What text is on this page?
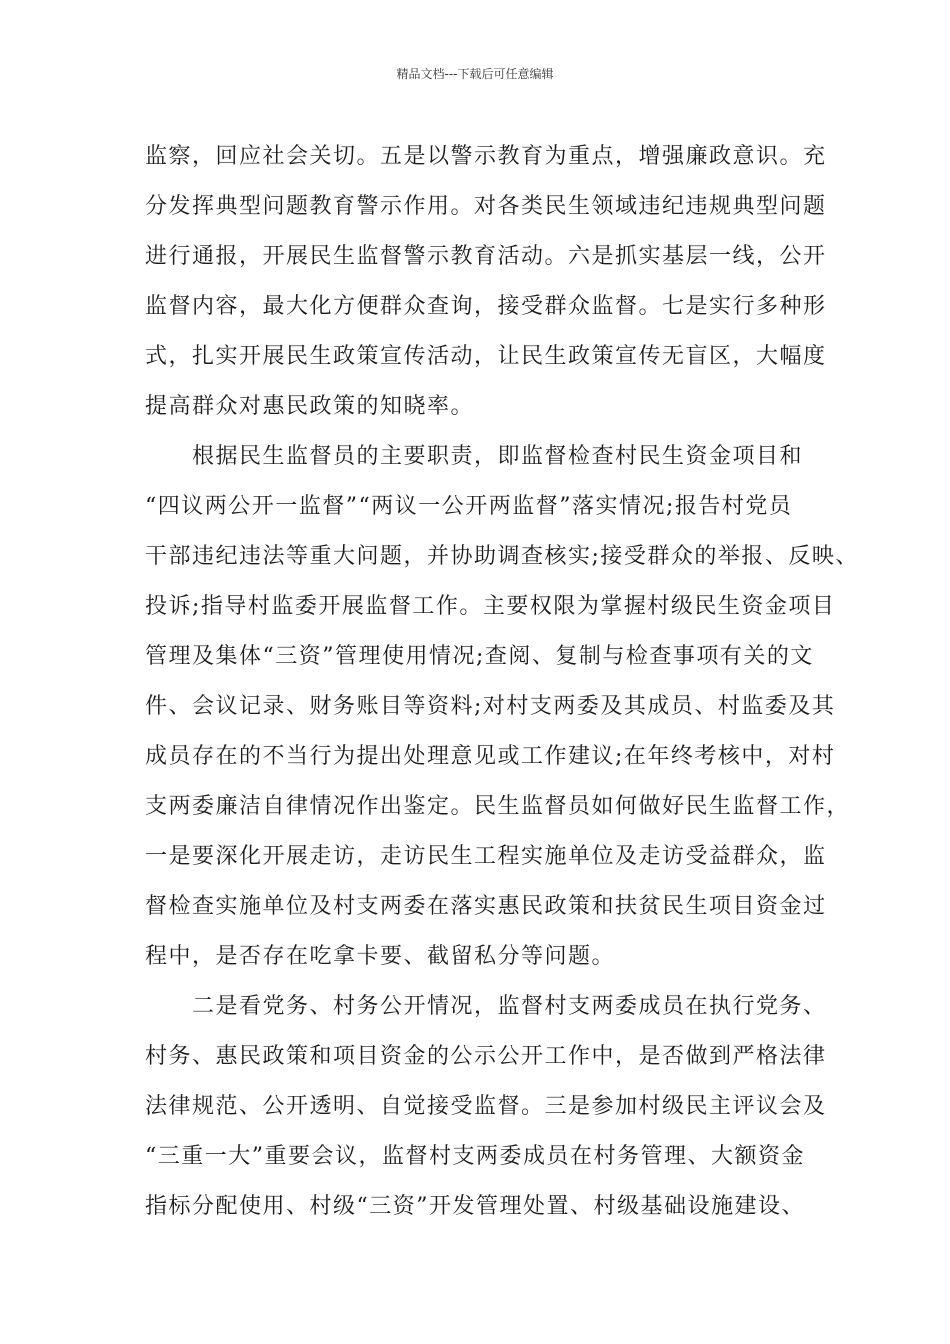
精品文档---下载后可任意编辑
监察，回应社会关切。五是以警示教育为重点，增强廉政意识。充
分发挥典型问题教育警示作用。对各类民生领域违纪违规典型问题
进行通报，开展民生监督警示教育活动。六是抓实基层一线，公开
监督内容，最大化方便群众查询，接受群众监督。七是实行多种形
式，扎实开展民生政策宣传活动，让民生政策宣传无盲区，大幅度
提高群众对惠民政策的知晓率。
根据民生监督员的主要职责，即监督检查村民生资金项目和
“四议两公开一监督”“两议一公开两监督”落实情况;报告村党员
干部违纪违法等重大问题，并协助调查核实;接受群众的举报、反映、
投诉;指导村监委开展监督工作。主要权限为掌握村级民生资金项目
管理及集体“三资”管理使用情况;查阅、复制与检查事项有关的文
件、会议记录、财务账目等资料;对村支两委及其成员、村监委及其
成员存在的不当行为提出处理意见或工作建议;在年终考核中，对村
支两委廉洁自律情况作出鉴定。民生监督员如何做好民生监督工作，
一是要深化开展走访，走访民生工程实施单位及走访受益群众，监
督检查实施单位及村支两委在落实惠民政策和扶贫民生项目资金过
程中，是否存在吃拿卡要、截留私分等问题。
二是看党务、村务公开情况，监督村支两委成员在执行党务、
村务、惠民政策和项目资金的公示公开工作中，是否做到严格法律
法律规范、公开透明、自觉接受监督。三是参加村级民主评议会及
“三重一大”重要会议，监督村支两委成员在村务管理、大额资金
指标分配使用、村级“三资”开发管理处置、村级基础设施建设、
